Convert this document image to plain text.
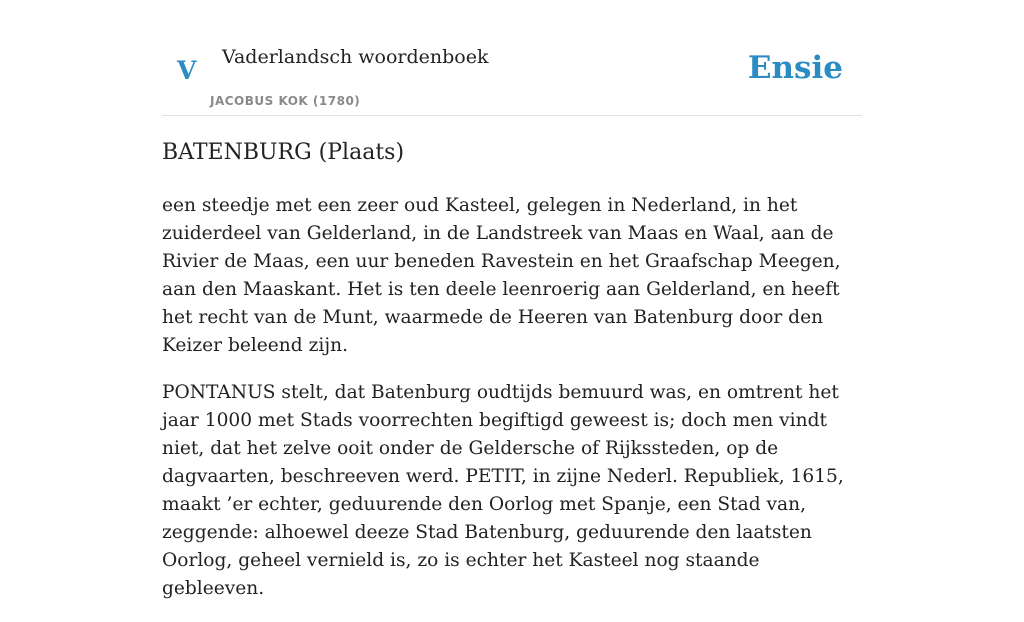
V Vaderlandsch woordenboek
JACOBUS KOK (1780)
Ensie
BATENBURG (Plaats)

een steedje met een zeer oud Kasteel, gelegen in Nederland, in het zuiderdeel van Gelderland, in de Landstreek van Maas en Waal, aan de Rivier de Maas, een uur beneden Ravestein en het Graafschap Meegen, aan den Maaskant. Het is ten deele leenroerig aan Gelderland, en heeft het recht van de Munt, waarmede de Heeren van Batenburg door den Keizer beleend zijn.

PONTANUS stelt, dat Batenburg oudtijds bemuurd was, en omtrent het jaar 1000 met Stads voorrechten begiftigd geweest is; doch men vindt niet, dat het zelve ooit onder de Geldersche of Rijkssteden, op de dagvaarten, beschreeven werd. PETIT, in zijne Nederl. Republiek, 1615, maakt ’er echter, geduurende den Oorlog met Spanje, een Stad van, zeggende: alhoewel deeze Stad Batenburg, geduurende den laatsten Oorlog, geheel vernield is, zo is echter het Kasteel nog staande gebleeven.
